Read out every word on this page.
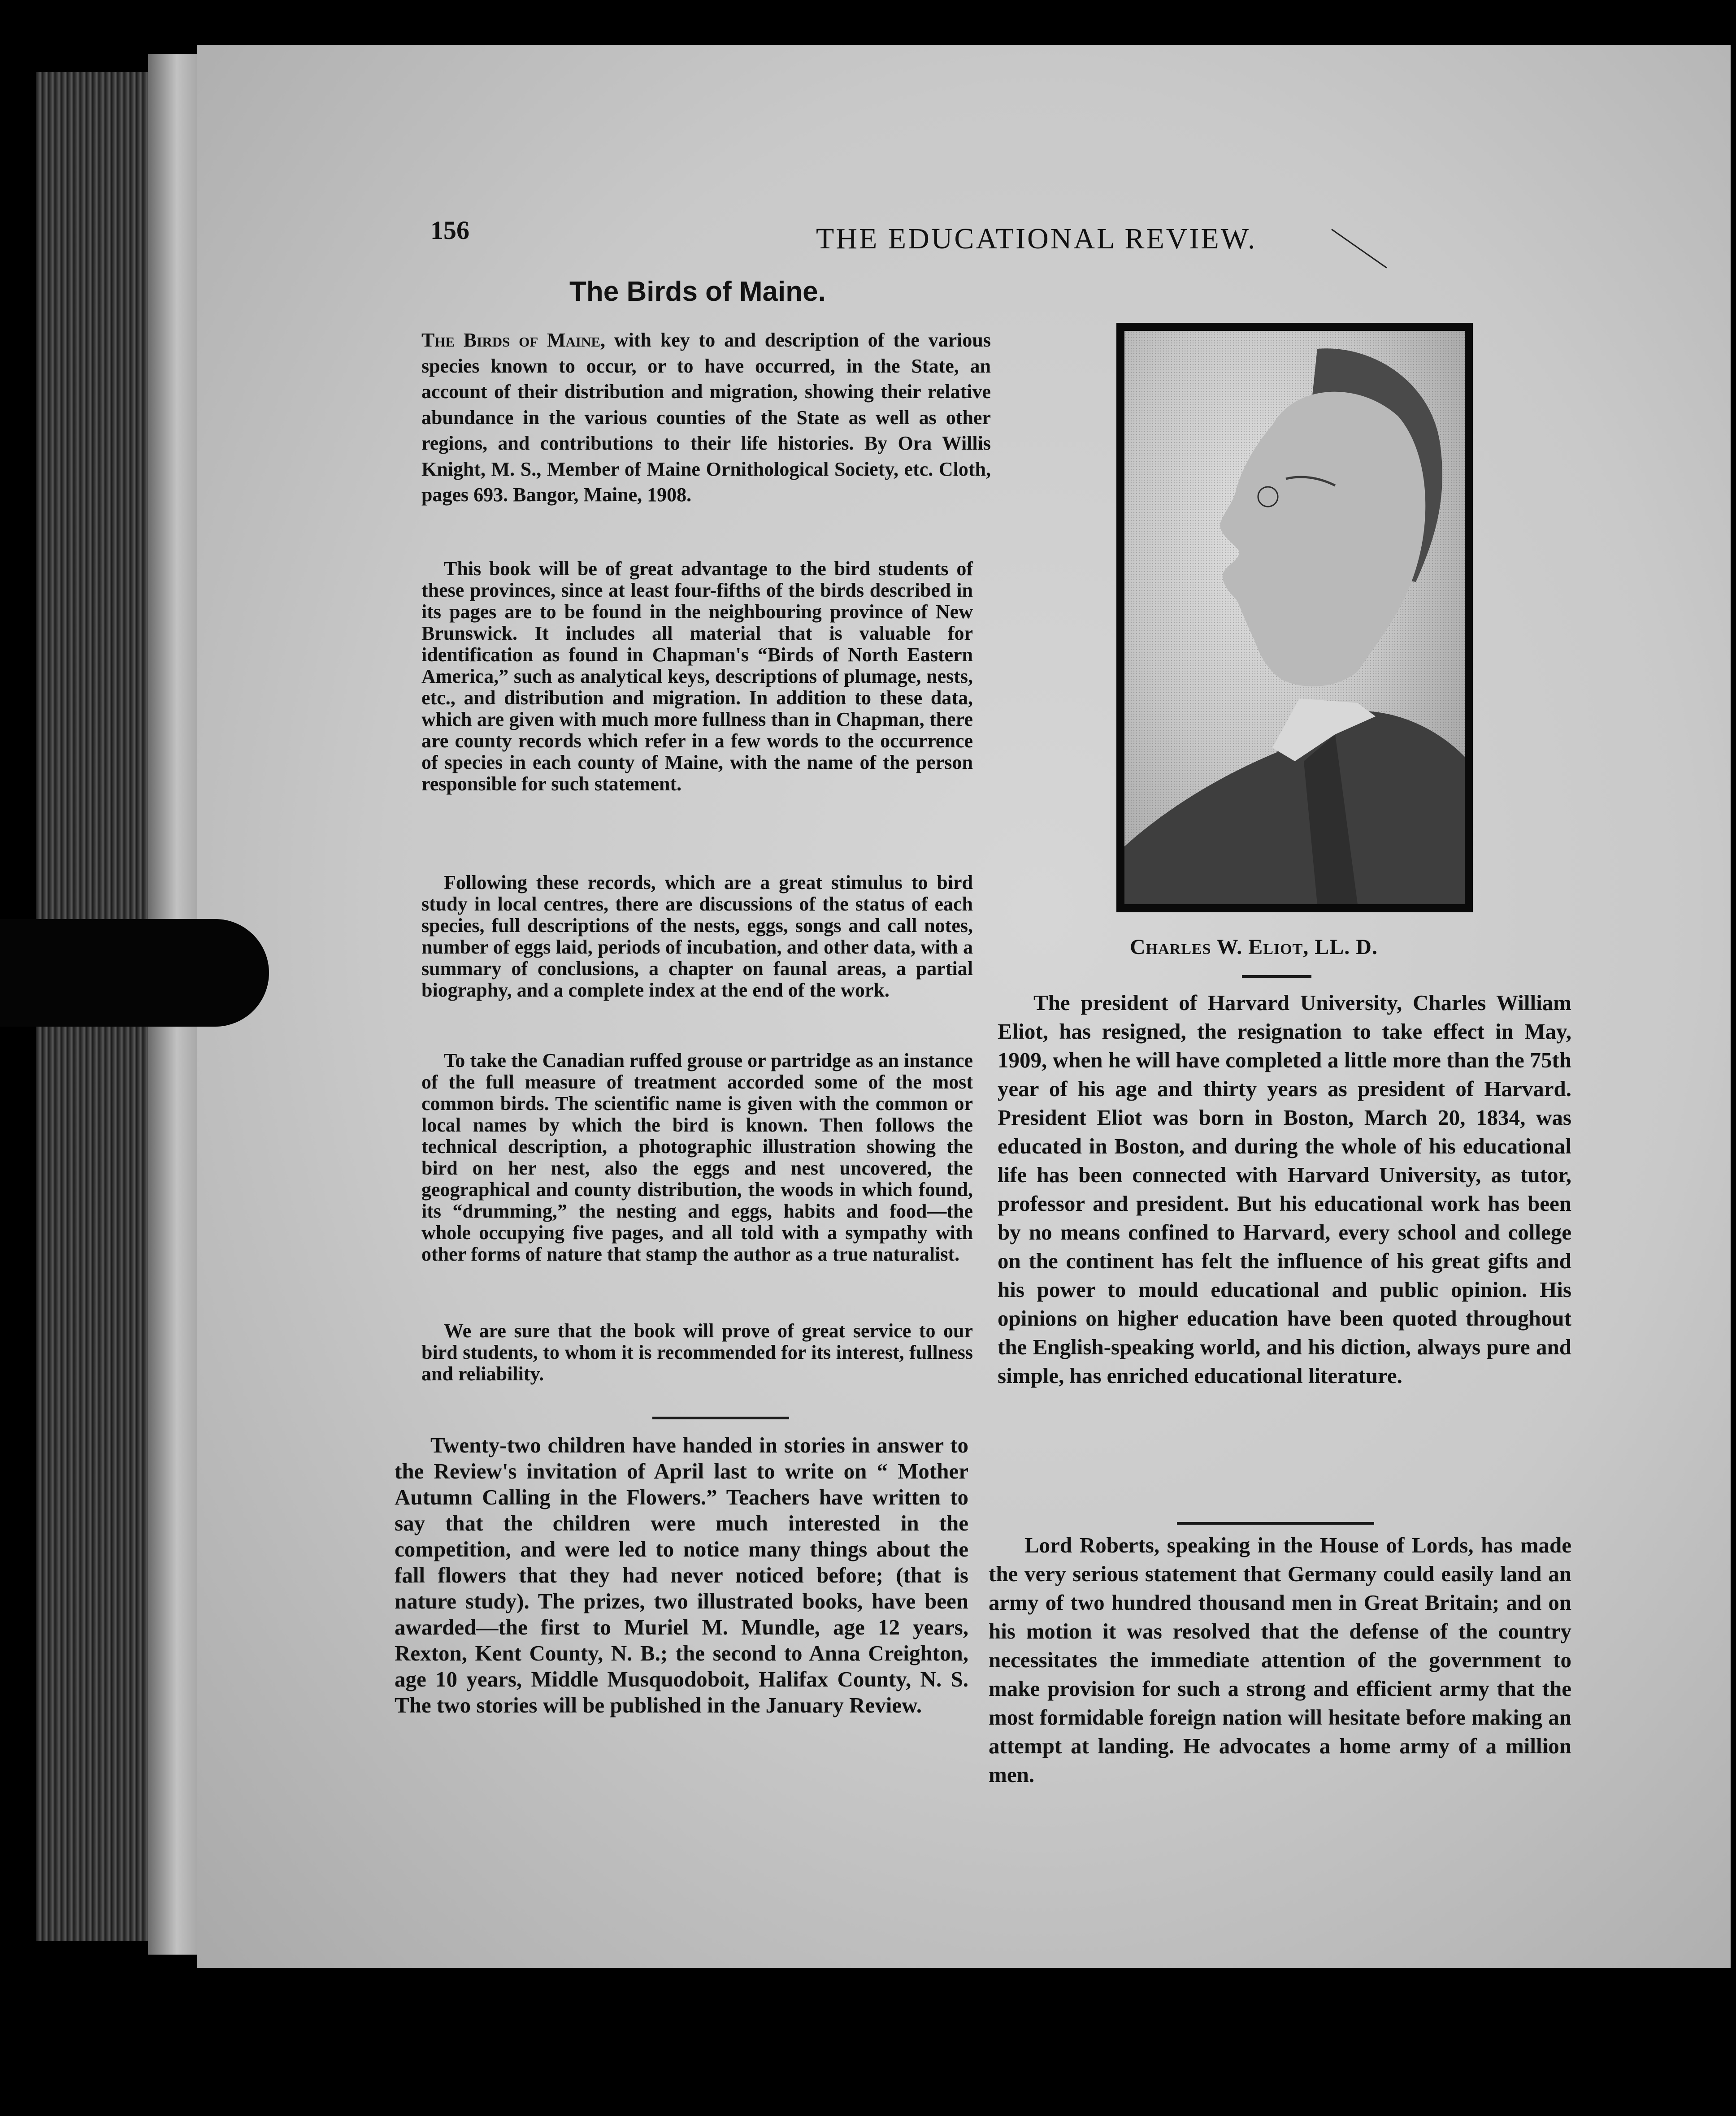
156	THE EDUCATIONAL REVIEW.
The Birds of Maine.
The Birds of Maine, with key to and description of the various species known to occur, or to have occurred, in the State, an account of their distribution and migration, showing their relative abundance in the various counties of the State as well as other regions, and contributions to their life histories. By Ora Willis Knight, M. S., Member of Maine Ornithological Society, etc. Cloth, pages 693. Bangor, Maine, 1908.
This book will be of great advantage to the bird students of these provinces, since at least four-fifths of the birds described in its pages are to be found in the neighbouring province of New Brunswick. It includes all material that is valuable for identification as found in Chapman's “Birds of North Eastern America,” such as analytical keys, descriptions of plumage, nests, etc., and distribution and migration. In addition to these data, which are given with much more fullness than in Chapman, there are county records which refer in a few words to the occurrence of species in each county of Maine, with the name of the person responsible for such statement.
Following these records, which are a great stimulus to bird study in local centres, there are discussions of the status of each species, full descriptions of the nests, eggs, songs and call notes, number of eggs laid, periods of incubation, and other data, with a summary of conclusions, a chapter on faunal areas, a partial biography, and a complete index at the end of the work.
To take the Canadian ruffed grouse or partridge as an instance of the full measure of treatment accorded some of the most common birds. The scientific name is given with the common or local names by which the bird is known. Then follows the technical description, a photographic illustration showing the bird on her nest, also the eggs and nest uncovered, the geographical and county distribution, the woods in which found, its “drumming,” the nesting and eggs, habits and food—the whole occupying five pages, and all told with a sympathy with other forms of nature that stamp the author as a true naturalist.
We are sure that the book will prove of great service to our bird students, to whom it is recommended for its interest, fullness and reliability.
Twenty-two children have handed in stories in answer to the Review's invitation of April last to write on “ Mother Autumn Calling in the Flowers.” Teachers have written to say that the children were much interested in the competition, and were led to notice many things about the fall flowers that they had never noticed before; (that is nature study). The prizes, two illustrated books, have been awarded—the first to Muriel M. Mundle, age 12 years, Rexton, Kent County, N. B.; the second to Anna Creighton, age 10 years, Middle Musquodoboit, Halifax County, N. S. The two stories will be published in the January Review.
Charles W. Eliot, LL. D.
The president of Harvard University, Charles William Eliot, has resigned, the resignation to take effect in May, 1909, when he will have completed a little more than the 75th year of his age and thirty years as president of Harvard. President Eliot was born in Boston, March 20, 1834, was educated in Boston, and during the whole of his educational life has been connected with Harvard University, as tutor, professor and president. But his educational work has been by no means confined to Harvard, every school and college on the continent has felt the influence of his great gifts and his power to mould educational and public opinion. His opinions on higher education have been quoted throughout the English-speaking world, and his diction, always pure and simple, has enriched educational literature.
Lord Roberts, speaking in the House of Lords, has made the very serious statement that Germany could easily land an army of two hundred thousand men in Great Britain; and on his motion it was resolved that the defense of the country necessitates the immediate attention of the government to make provision for such a strong and efficient army that the most formidable foreign nation will hesitate before making an attempt at landing. He advocates a home army of a million men.
